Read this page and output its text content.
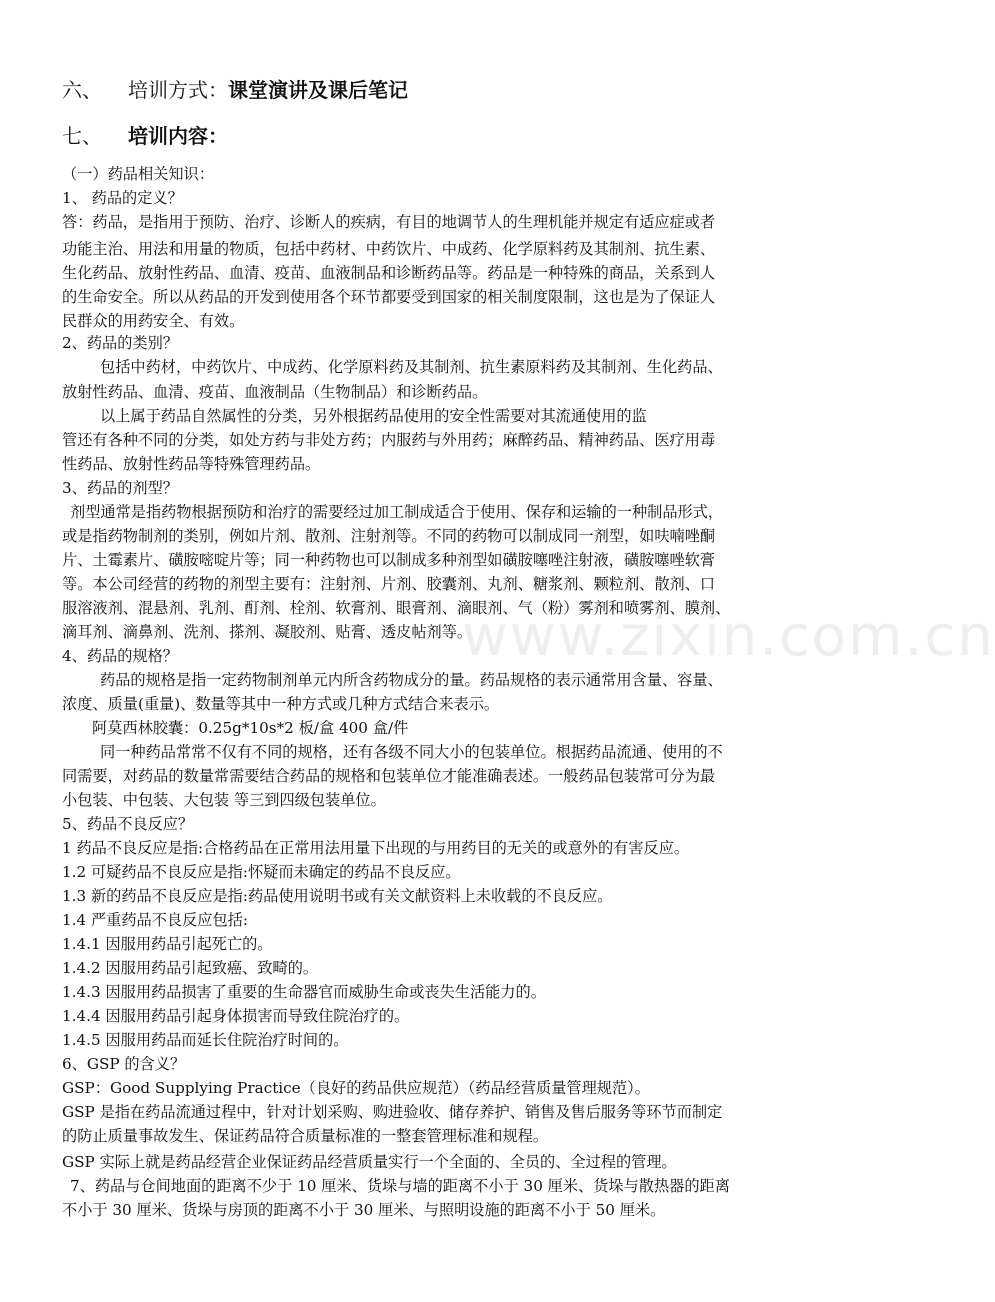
六、 培训方式：课堂演讲及课后笔记
七、 培训内容：
（一）药品相关知识：
1、 药品的定义？
答：药品，是指用于预防、治疗、诊断人的疾病，有目的地调节人的生理机能并规定有适应症或者
功能主治、用法和用量的物质，包括中药材、中药饮片、中成药、化学原料药及其制剂、抗生素、
生化药品、放射性药品、血清、疫苗、血液制品和诊断药品等。药品是一种特殊的商品，关系到人
的生命安全。所以从药品的开发到使用各个环节都要受到国家的相关制度限制，这也是为了保证人
民群众的用药安全、有效。
2、药品的类别？
包括中药材，中药饮片、中成药、化学原料药及其制剂、抗生素原料药及其制剂、生化药品、
放射性药品、血清、疫苗、血液制品（生物制品）和诊断药品。
以上属于药品自然属性的分类，另外根据药品使用的安全性需要对其流通使用的监
管还有各种不同的分类，如处方药与非处方药；内服药与外用药；麻醉药品、精神药品、医疗用毒
性药品、放射性药品等特殊管理药品。
3、药品的剂型？
剂型通常是指药物根据预防和治疗的需要经过加工制成适合于使用、保存和运输的一种制品形式，
或是指药物制剂的类别，例如片剂、散剂、注射剂等。不同的药物可以制成同一剂型，如呋喃唑酮
片、土霉素片、磺胺嘧啶片等；同一种药物也可以制成多种剂型如磺胺噻唑注射液，磺胺噻唑软膏
等。本公司经营的药物的剂型主要有：注射剂、片剂、胶囊剂、丸剂、糖浆剂、颗粒剂、散剂、口
服溶液剂、混悬剂、乳剂、酊剂、栓剂、软膏剂、眼膏剂、滴眼剂、气（粉）雾剂和喷雾剂、膜剂、
滴耳剂、滴鼻剂、洗剂、搽剂、凝胶剂、贴膏、透皮帖剂等。
4、药品的规格？
药品的规格是指一定药物制剂单元内所含药物成分的量。药品规格的表示通常用含量、容量、
浓度、质量(重量)、数量等其中一种方式或几种方式结合来表示。
阿莫西林胶囊：0.25g*10s*2 板/盒 400 盒/件
同一种药品常常不仅有不同的规格，还有各级不同大小的包装单位。根据药品流通、使用的不
同需要，对药品的数量常需要结合药品的规格和包装单位才能准确表述。一般药品包装常可分为最
小包装、中包装、大包装 等三到四级包装单位。
5、药品不良反应？
1 药品不良反应是指:合格药品在正常用法用量下出现的与用药目的无关的或意外的有害反应。
1.2 可疑药品不良反应是指:怀疑而未确定的药品不良反应。
1.3 新的药品不良反应是指:药品使用说明书或有关文献资料上未收载的不良反应。
1.4 严重药品不良反应包括:
1.4.1 因服用药品引起死亡的。
1.4.2 因服用药品引起致癌、致畸的。
1.4.3 因服用药品损害了重要的生命器官而威胁生命或丧失生活能力的。
1.4.4 因服用药品引起身体损害而导致住院治疗的。
1.4.5 因服用药品而延长住院治疗时间的。
6、GSP 的含义？
GSP：Good Supplying Practice（良好的药品供应规范）（药品经营质量管理规范）。
GSP 是指在药品流通过程中，针对计划采购、购进验收、储存养护、销售及售后服务等环节而制定
的防止质量事故发生、保证药品符合质量标准的一整套管理标准和规程。
GSP 实际上就是药品经营企业保证药品经营质量实行一个全面的、全员的、全过程的管理。
7、药品与仓间地面的距离不少于 10 厘米、货垛与墙的距离不小于 30 厘米、货垛与散热器的距离
不小于 30 厘米、货垛与房顶的距离不小于 30 厘米、与照明设施的距离不小于 50 厘米。
www.zixin.com.cn
